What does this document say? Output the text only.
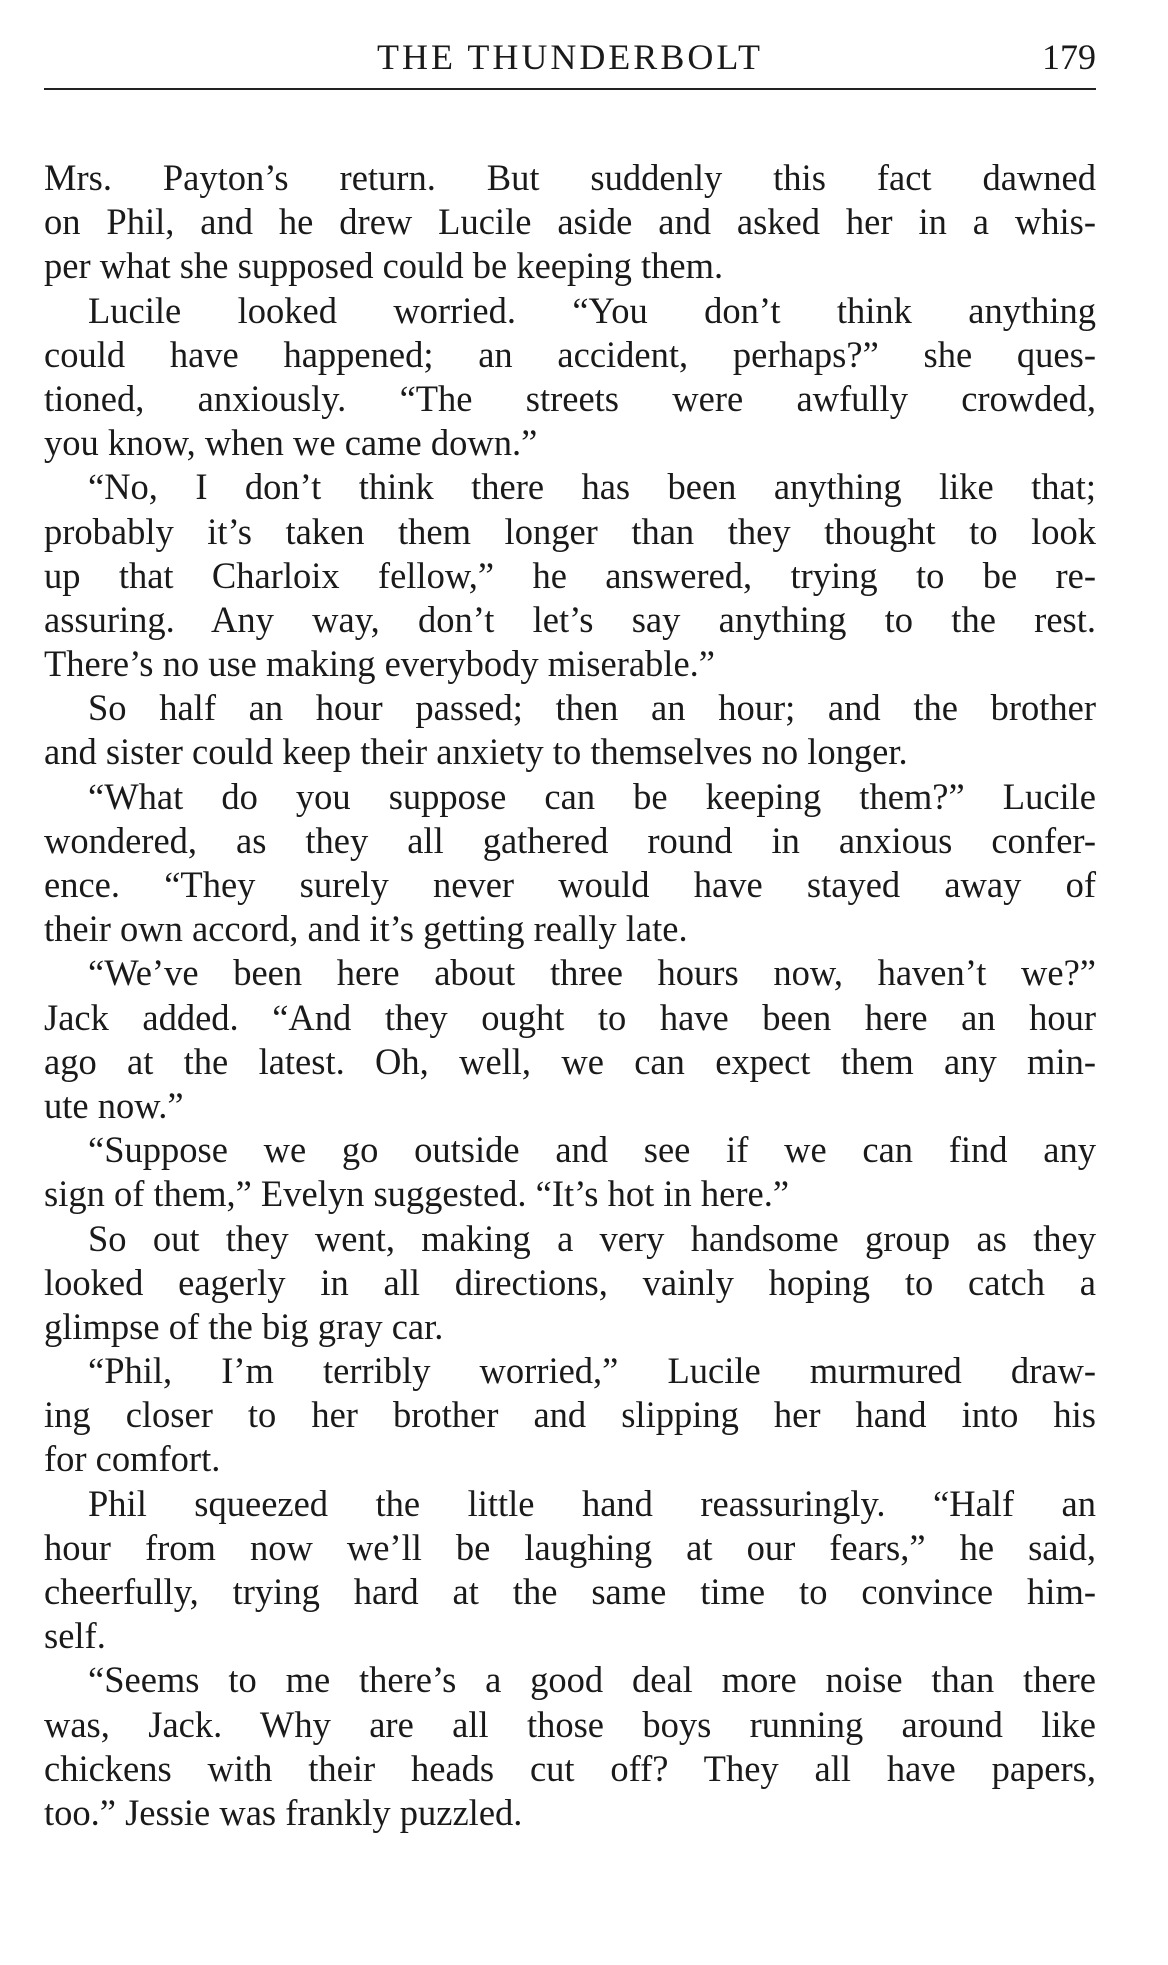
THE THUNDERBOLT	179
Mrs. Payton’s return. But suddenly this fact dawned
on Phil, and he drew Lucile aside and asked her in a whis-
per what she supposed could be keeping them.
Lucile looked worried. “You don’t think anything
could have happened; an accident, perhaps?” she ques-
tioned, anxiously. “The streets were awfully crowded,
you know, when we came down.”
“No, I don’t think there has been anything like that;
probably it’s taken them longer than they thought to look
up that Charloix fellow,” he answered, trying to be re-
assuring. Any way, don’t let’s say anything to the rest.
There’s no use making everybody miserable.”
So half an hour passed; then an hour; and the brother
and sister could keep their anxiety to themselves no longer.
“What do you suppose can be keeping them?” Lucile
wondered, as they all gathered round in anxious confer-
ence. “They surely never would have stayed away of
their own accord, and it’s getting really late.
“We’ve been here about three hours now, haven’t we?”
Jack added. “And they ought to have been here an hour
ago at the latest. Oh, well, we can expect them any min-
ute now.”
“Suppose we go outside and see if we can find any
sign of them,” Evelyn suggested. “It’s hot in here.”
So out they went, making a very handsome group as they
looked eagerly in all directions, vainly hoping to catch a
glimpse of the big gray car.
“Phil, I’m terribly worried,” Lucile murmured draw-
ing closer to her brother and slipping her hand into his
for comfort.
Phil squeezed the little hand reassuringly. “Half an
hour from now we’ll be laughing at our fears,” he said,
cheerfully, trying hard at the same time to convince him-
self.
“Seems to me there’s a good deal more noise than there
was, Jack. Why are all those boys running around like
chickens with their heads cut off? They all have papers,
too.” Jessie was frankly puzzled.
